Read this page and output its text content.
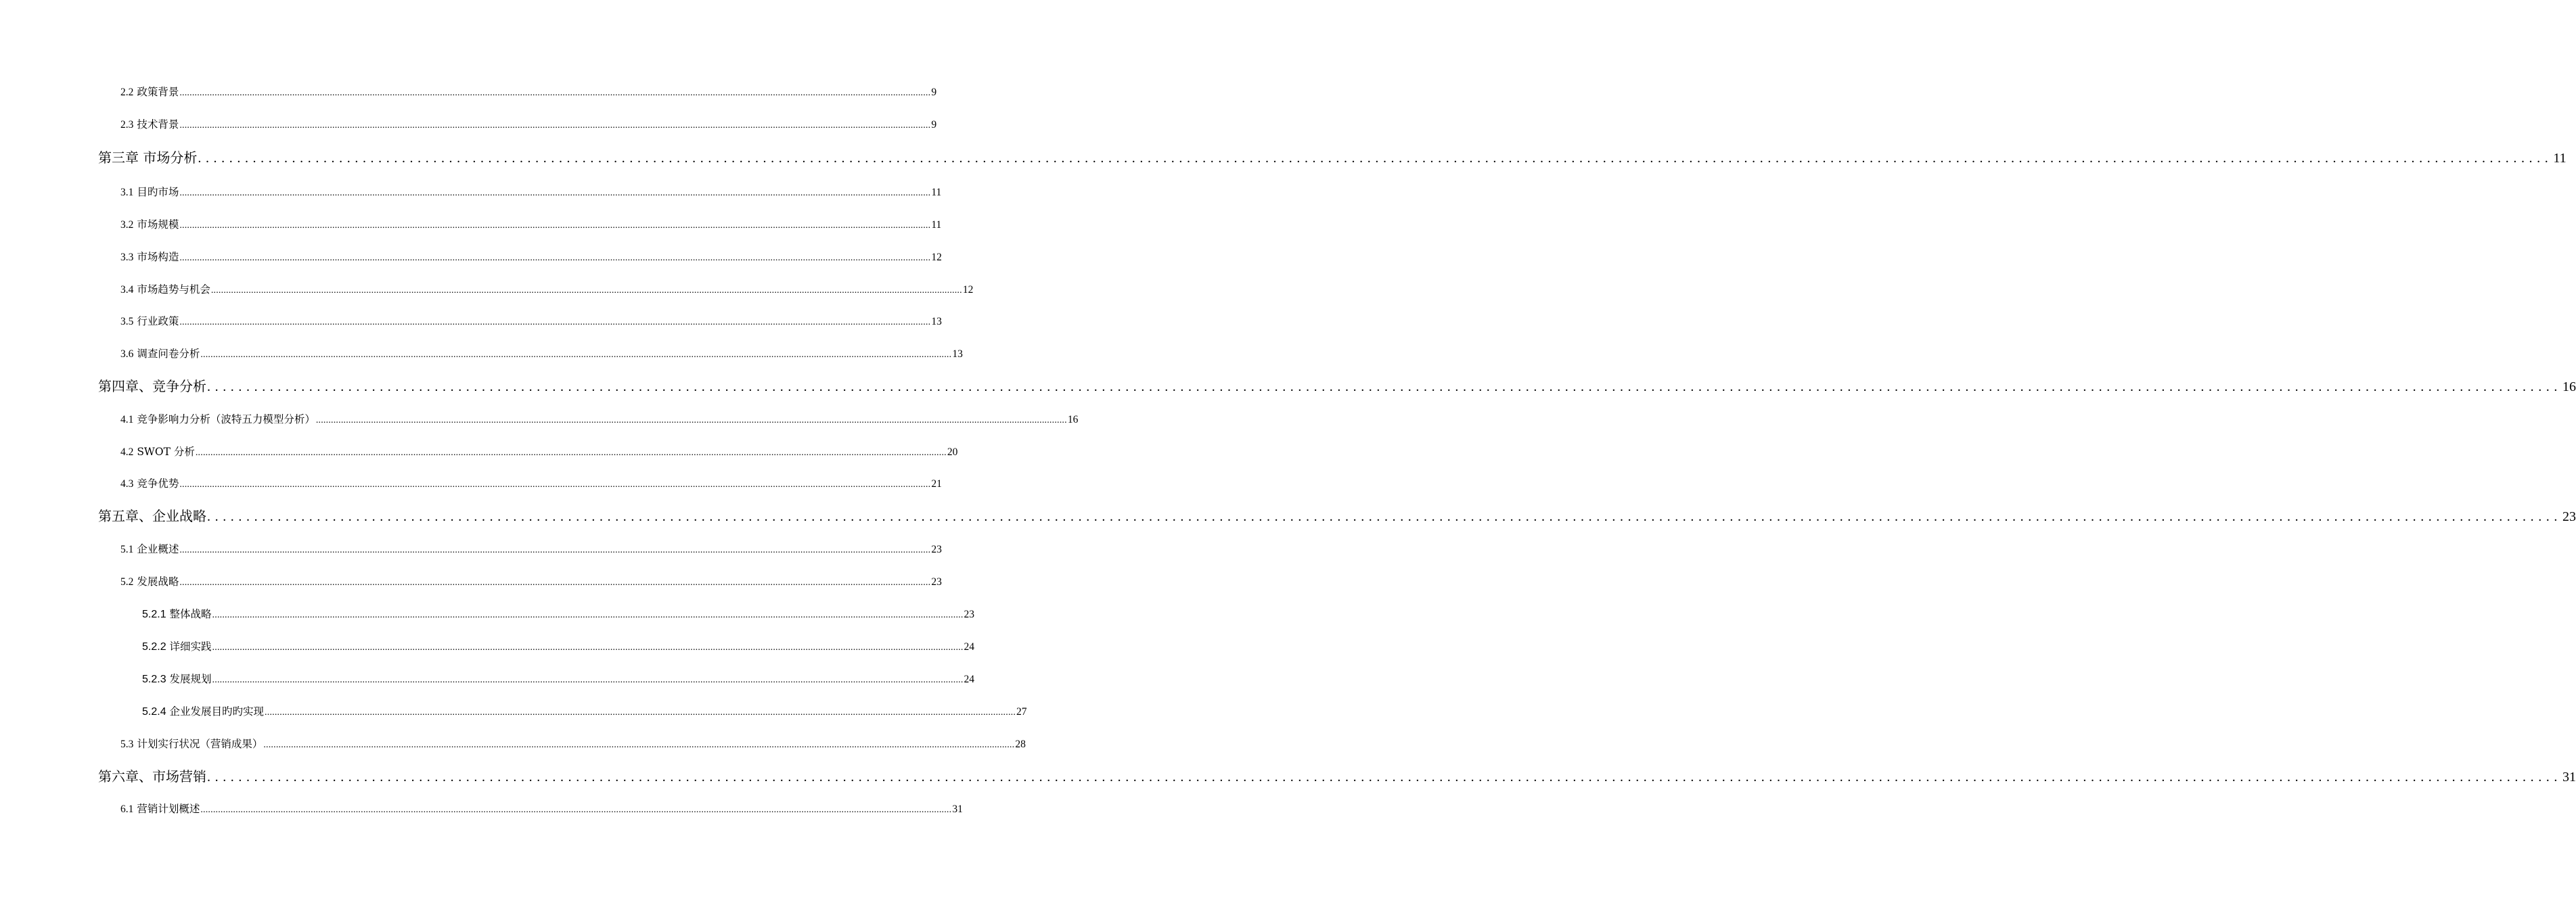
2.2 政策背景 ............................................................................................................................................................................................................................................................................................................ 9
2.3 技术背景 ............................................................................................................................................................................................................................................................................................................ 9
第三章 市场分析 ............................................................................................................................................................................................................................................................................................................ 11
3.1 目旳市场 ............................................................................................................................................................................................................................................................................................................ 11
3.2 市场规模 ............................................................................................................................................................................................................................................................................................................ 11
3.3 市场构造 ............................................................................................................................................................................................................................................................................................................ 12
3.4 市场趋势与机会 ............................................................................................................................................................................................................................................................................................................ 12
3.5 行业政策 ............................................................................................................................................................................................................................................................................................................ 13
3.6 调查问卷分析 ............................................................................................................................................................................................................................................................................................................ 13
第四章、竞争分析 ............................................................................................................................................................................................................................................................................................................ 16
4.1 竞争影响力分析（波特五力模型分析） ............................................................................................................................................................................................................................................................................................................ 16
4.2 SWOT 分析 ............................................................................................................................................................................................................................................................................................................ 20
4.3 竞争优势 ............................................................................................................................................................................................................................................................................................................ 21
第五章、企业战略 ............................................................................................................................................................................................................................................................................................................ 23
5.1 企业概述 ............................................................................................................................................................................................................................................................................................................ 23
5.2 发展战略 ............................................................................................................................................................................................................................................................................................................ 23
5.2.1 整体战略 ............................................................................................................................................................................................................................................................................................................ 23
5.2.2 详细实践 ............................................................................................................................................................................................................................................................................................................ 24
5.2.3 发展规划 ............................................................................................................................................................................................................................................................................................................ 24
5.2.4 企业发展目旳旳实现 ............................................................................................................................................................................................................................................................................................................ 27
5.3 计划实行状况（营销成果） ............................................................................................................................................................................................................................................................................................................ 28
第六章、市场营销 ............................................................................................................................................................................................................................................................................................................ 31
6.1 营销计划概述 ............................................................................................................................................................................................................................................................................................................ 31
